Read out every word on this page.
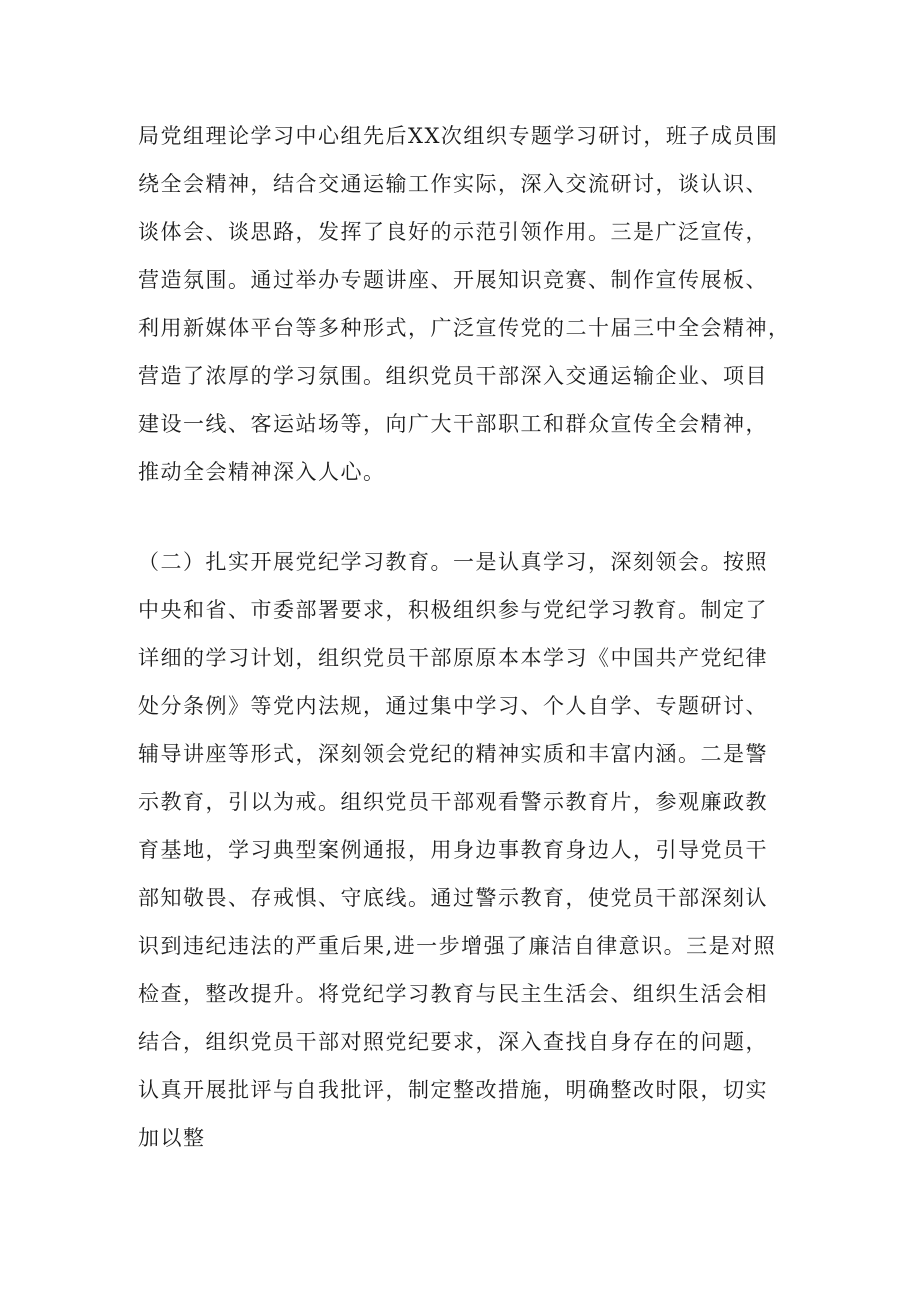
局党组理论学习中心组先后XX次组织专题学习研讨，班子成员围
绕全会精神，结合交通运输工作实际，深入交流研讨，谈认识、
谈体会、谈思路，发挥了良好的示范引领作用。三是广泛宣传，
营造氛围。通过举办专题讲座、开展知识竞赛、制作宣传展板、
利用新媒体平台等多种形式，广泛宣传党的二十届三中全会精神，
营造了浓厚的学习氛围。组织党员干部深入交通运输企业、项目
建设一线、客运站场等，向广大干部职工和群众宣传全会精神，
推动全会精神深入人心。

（二）扎实开展党纪学习教育。一是认真学习，深刻领会。按照
中央和省、市委部署要求，积极组织参与党纪学习教育。制定了
详细的学习计划，组织党员干部原原本本学习《中国共产党纪律
处分条例》等党内法规，通过集中学习、个人自学、专题研讨、
辅导讲座等形式，深刻领会党纪的精神实质和丰富内涵。二是警
示教育，引以为戒。组织党员干部观看警示教育片，参观廉政教
育基地，学习典型案例通报，用身边事教育身边人，引导党员干
部知敬畏、存戒惧、守底线。通过警示教育，使党员干部深刻认
识到违纪违法的严重后果,进一步增强了廉洁自律意识。三是对照
检查，整改提升。将党纪学习教育与民主生活会、组织生活会相
结合，组织党员干部对照党纪要求，深入查找自身存在的问题，
认真开展批评与自我批评，制定整改措施，明确整改时限，切实
加以整
